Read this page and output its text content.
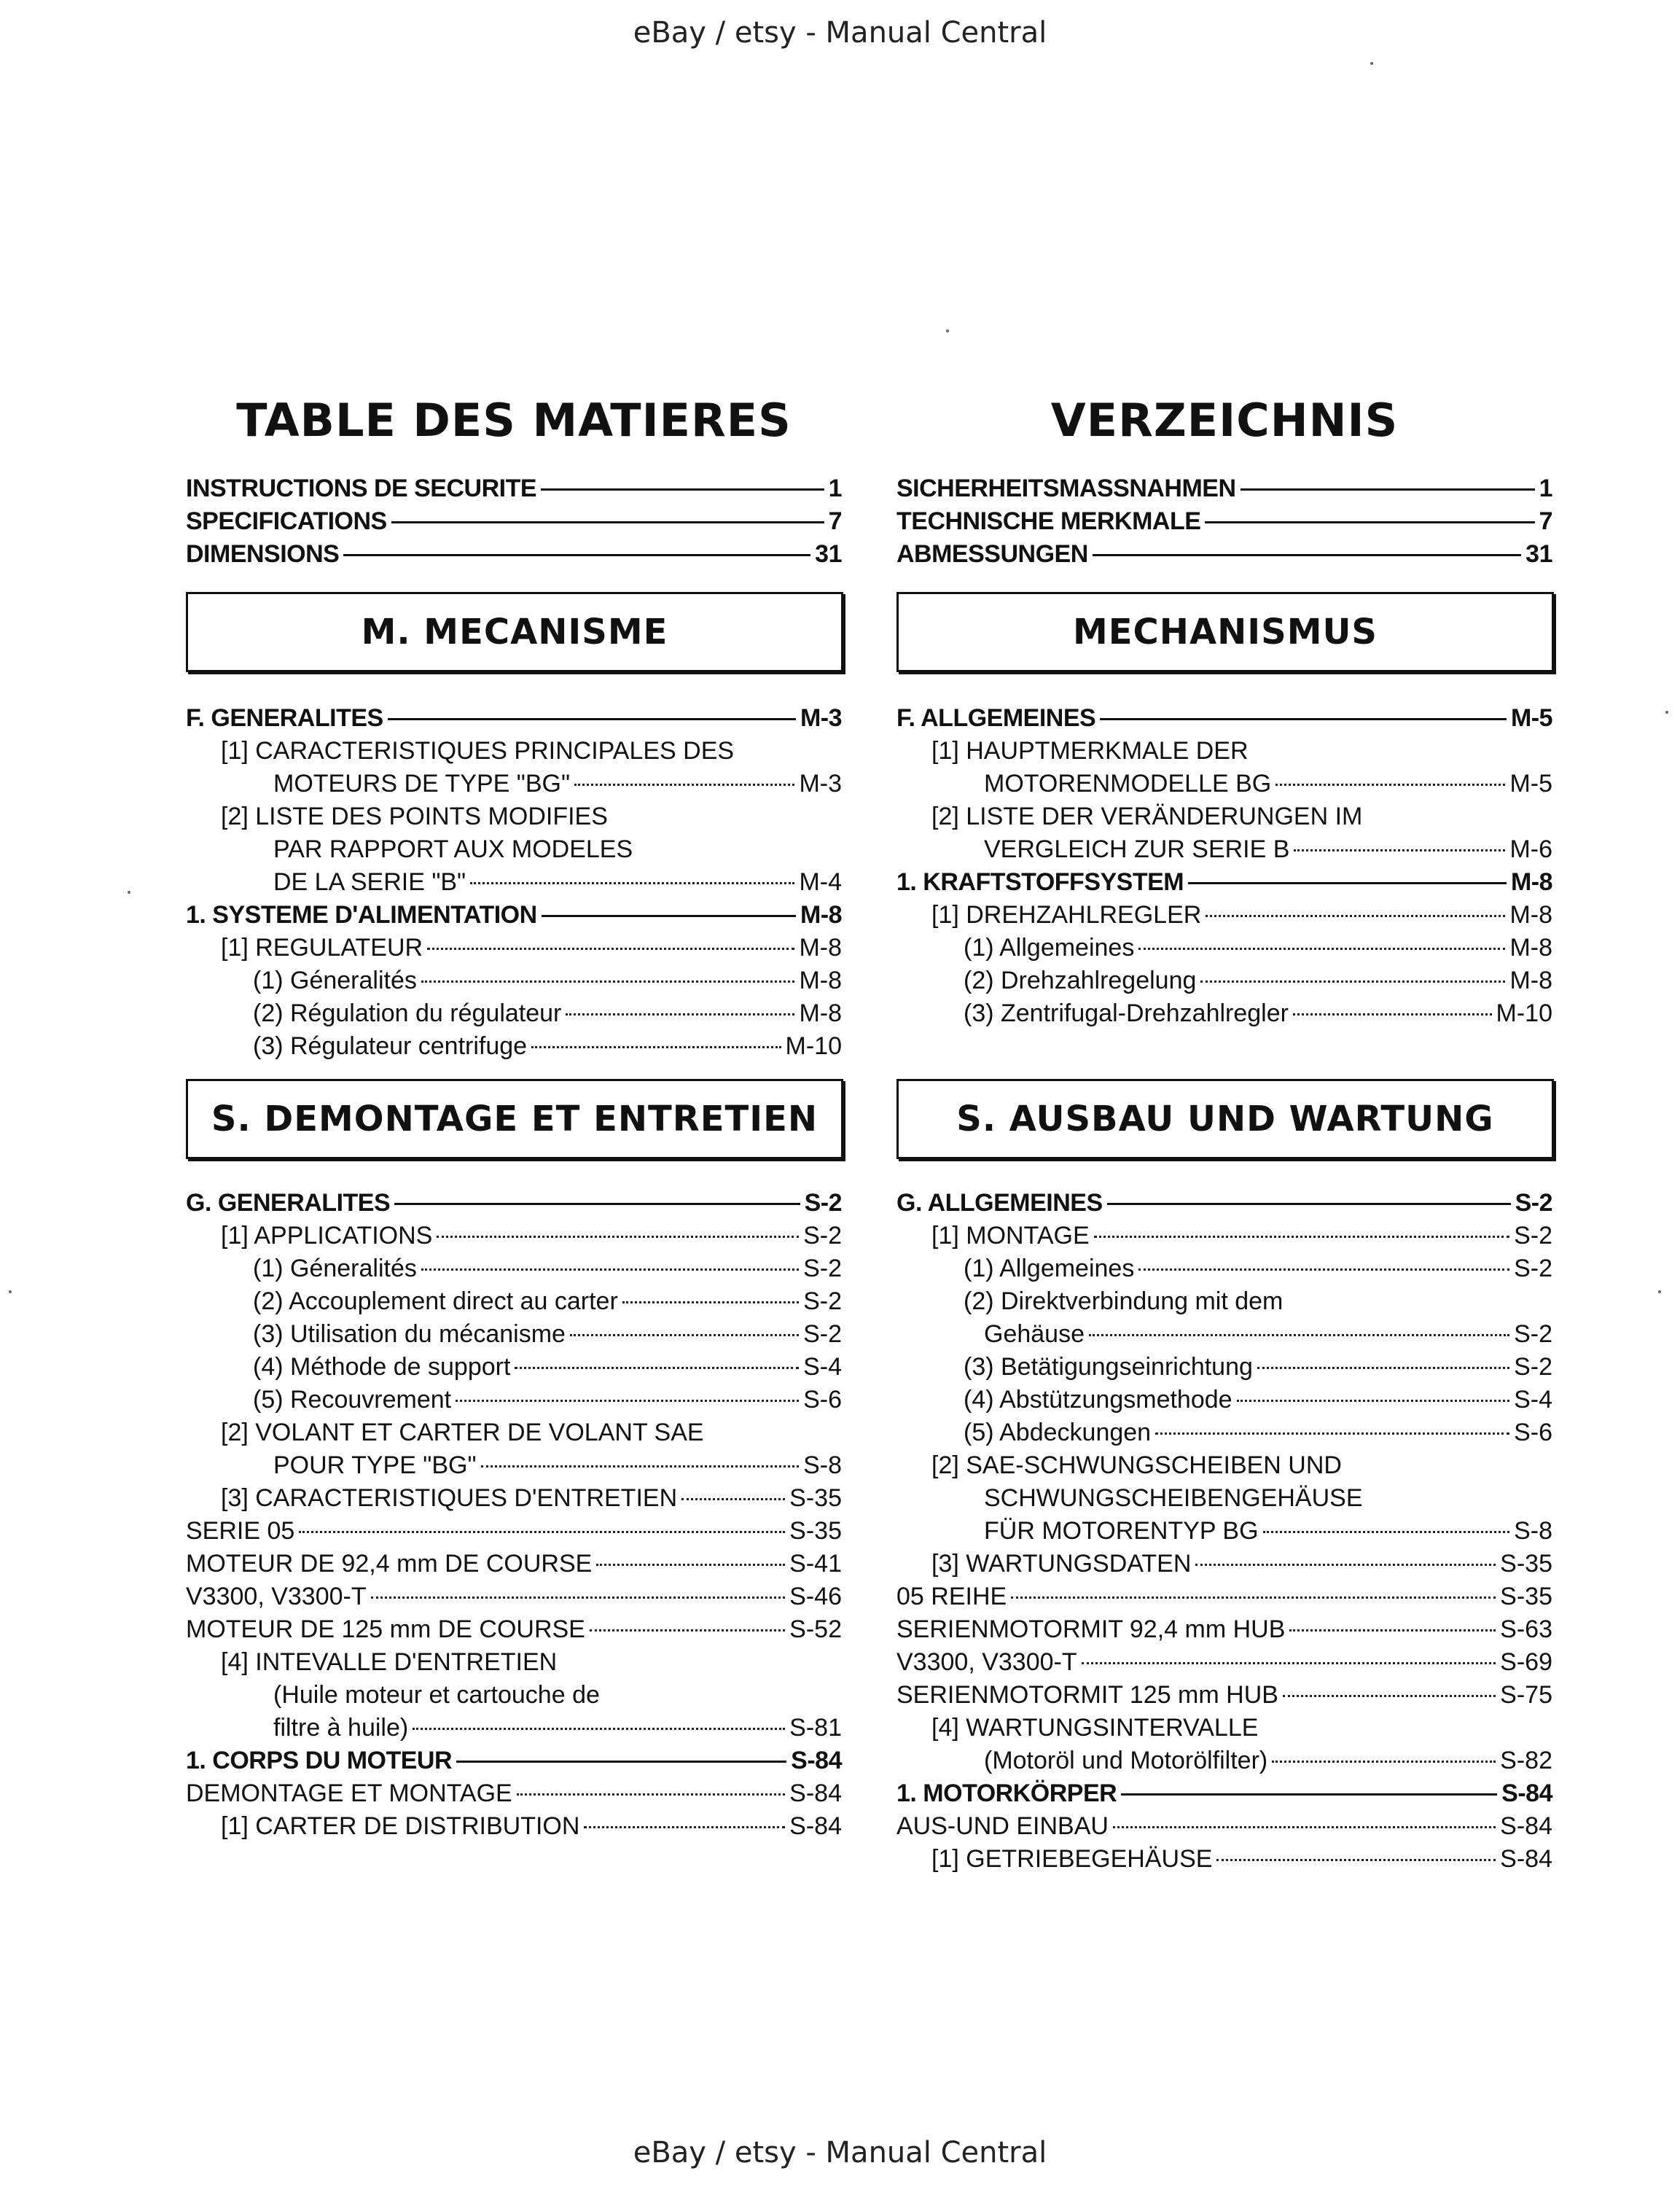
eBay / etsy - Manual Central
TABLE DES MATIERES	VERZEICHNIS
INSTRUCTIONS DE SECURITE	1
SPECIFICATIONS	7
DIMENSIONS	31
SICHERHEITSMASSNAHMEN	1
TECHNISCHE MERKMALE	7
ABMESSUNGEN	31
M. MECANISME	MECHANISMUS
F. GENERALITES	M-3
[1] CARACTERISTIQUES PRINCIPALES DES
MOTEURS DE TYPE "BG"	M-3
[2] LISTE DES POINTS MODIFIES
PAR RAPPORT AUX MODELES
DE LA SERIE "B"	M-4
1. SYSTEME D'ALIMENTATION	M-8
[1] REGULATEUR	M-8
(1) Géneralités	M-8
(2) Régulation du régulateur	M-8
(3) Régulateur centrifuge	M-10
F. ALLGEMEINES	M-5
[1] HAUPTMERKMALE DER
MOTORENMODELLE BG	M-5
[2] LISTE DER VERÄNDERUNGEN IM
VERGLEICH ZUR SERIE B	M-6
1. KRAFTSTOFFSYSTEM	M-8
[1] DREHZAHLREGLER	M-8
(1) Allgemeines	M-8
(2) Drehzahlregelung	M-8
(3) Zentrifugal-Drehzahlregler	M-10
S. DEMONTAGE ET ENTRETIEN	S. AUSBAU UND WARTUNG
G. GENERALITES	S-2
[1] APPLICATIONS	S-2
(1) Géneralités	S-2
(2) Accouplement direct au carter	S-2
(3) Utilisation du mécanisme	S-2
(4) Méthode de support	S-4
(5) Recouvrement	S-6
[2] VOLANT ET CARTER DE VOLANT SAE
POUR TYPE "BG"	S-8
[3] CARACTERISTIQUES D'ENTRETIEN	S-35
SERIE 05	S-35
MOTEUR DE 92,4 mm DE COURSE	S-41
V3300, V3300-T	S-46
MOTEUR DE 125 mm DE COURSE	S-52
[4] INTEVALLE D'ENTRETIEN
(Huile moteur et cartouche de
filtre à huile)	S-81
1. CORPS DU MOTEUR	S-84
DEMONTAGE ET MONTAGE	S-84
[1] CARTER DE DISTRIBUTION	S-84
G. ALLGEMEINES	S-2
[1] MONTAGE	S-2
(1) Allgemeines	S-2
(2) Direktverbindung mit dem
Gehäuse	S-2
(3) Betätigungseinrichtung	S-2
(4) Abstützungsmethode	S-4
(5) Abdeckungen	S-6
[2] SAE-SCHWUNGSCHEIBEN UND
SCHWUNGSCHEIBENGEHÄUSE
FÜR MOTORENTYP BG	S-8
[3] WARTUNGSDATEN	S-35
05 REIHE	S-35
SERIENMOTORMIT 92,4 mm HUB	S-63
V3300, V3300-T	S-69
SERIENMOTORMIT 125 mm HUB	S-75
[4] WARTUNGSINTERVALLE
(Motoröl und Motorölfilter)	S-82
1. MOTORKÖRPER	S-84
AUS-UND EINBAU	S-84
[1] GETRIEBEGEHÄUSE	S-84
eBay / etsy - Manual Central
